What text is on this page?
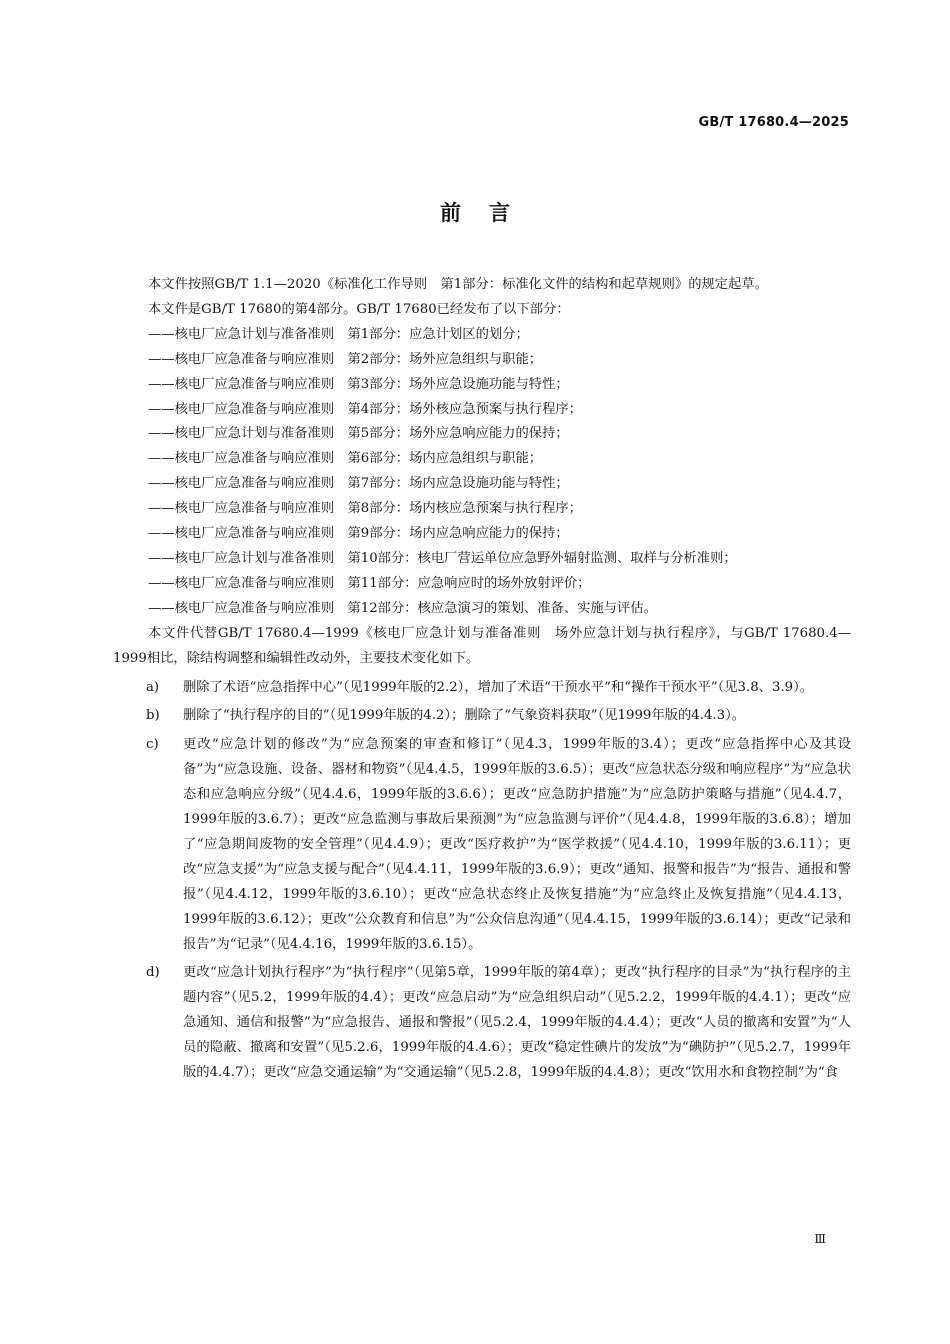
GB/T 17680.4—2025
前言

本文件按照GB/T 1.1—2020《标准化工作导则　第1部分：标准化文件的结构和起草规则》的规定起草。

本文件是GB/T 17680的第4部分。GB/T 17680已经发布了以下部分：

——核电厂应急计划与准备准则　第1部分：应急计划区的划分；

——核电厂应急准备与响应准则　第2部分：场外应急组织与职能；

——核电厂应急准备与响应准则　第3部分：场外应急设施功能与特性；

——核电厂应急准备与响应准则　第4部分：场外核应急预案与执行程序；

——核电厂应急计划与准备准则　第5部分：场外应急响应能力的保持；

——核电厂应急准备与响应准则　第6部分：场内应急组织与职能；

——核电厂应急准备与响应准则　第7部分：场内应急设施功能与特性；

——核电厂应急准备与响应准则　第8部分：场内核应急预案与执行程序；

——核电厂应急准备与响应准则　第9部分：场内应急响应能力的保持；

——核电厂应急计划与准备准则　第10部分：核电厂营运单位应急野外辐射监测、取样与分析准则；

——核电厂应急准备与响应准则　第11部分：应急响应时的场外放射评价；

——核电厂应急准备与响应准则　第12部分：核应急演习的策划、准备、实施与评估。

本文件代替GB/T 17680.4—1999《核电厂应急计划与准备准则　场外应急计划与执行程序》，与GB/T 17680.4—1999相比，除结构调整和编辑性改动外，主要技术变化如下。

a) 删除了术语“应急指挥中心”（见1999年版的2.2），增加了术语“干预水平”和“操作干预水平”（见3.8、3.9）。

b) 删除了“执行程序的目的”（见1999年版的4.2）；删除了“气象资料获取”（见1999年版的4.4.3）。

c) 更改“应急计划的修改”为“应急预案的审查和修订”（见4.3，1999年版的3.4）；更改“应急指挥中心及其设备”为“应急设施、设备、器材和物资”（见4.4.5，1999年版的3.6.5）；更改“应急状态分级和响应程序”为“应急状态和应急响应分级”（见4.4.6，1999年版的3.6.6）；更改“应急防护措施”为“应急防护策略与措施”（见4.4.7，1999年版的3.6.7）；更改“应急监测与事故后果预测”为“应急监测与评价”（见4.4.8，1999年版的3.6.8）；增加了“应急期间废物的安全管理”（见4.4.9）；更改“医疗救护”为“医学救援”（见4.4.10，1999年版的3.6.11）；更改“应急支援”为“应急支援与配合”（见4.4.11，1999年版的3.6.9）；更改“通知、报警和报告”为“报告、通报和警报”（见4.4.12，1999年版的3.6.10）；更改“应急状态终止及恢复措施”为“应急终止及恢复措施”（见4.4.13，1999年版的3.6.12）；更改“公众教育和信息”为“公众信息沟通”（见4.4.15，1999年版的3.6.14）；更改“记录和报告”为“记录”（见4.4.16，1999年版的3.6.15）。

d) 更改“应急计划执行程序”为“执行程序”（见第5章，1999年版的第4章）；更改“执行程序的目录”为“执行程序的主题内容”（见5.2，1999年版的4.4）；更改“应急启动”为“应急组织启动”（见5.2.2，1999年版的4.4.1）；更改“应急通知、通信和报警”为“应急报告、通报和警报”（见5.2.4，1999年版的4.4.4）；更改“人员的撤离和安置”为“人员的隐蔽、撤离和安置”（见5.2.6，1999年版的4.4.6）；更改“稳定性碘片的发放”为“碘防护”（见5.2.7，1999年版的4.4.7）；更改“应急交通运输”为“交通运输”（见5.2.8，1999年版的4.4.8）；更改“饮用水和食物控制”为“食

Ⅲ
